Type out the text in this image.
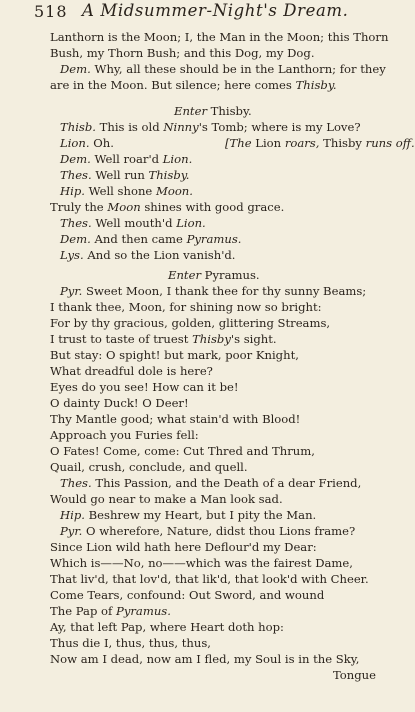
518 A Midsummer-Night's Dream.
Lanthorn is the Moon; I, the Man in the Moon; this Thorn
Bush, my Thorn Bush; and this Dog, my Dog.
Dem. Why, all these should be in the Lanthorn; for they
are in the Moon. But silence; here comes Thisby.
Enter Thisby.
Thisb. This is old Ninny's Tomb; where is my Love?
Lion. Oh.	[The Lion roars, Thisby runs off.
Dem. Well roar'd Lion.
Thes. Well run Thisby.
Hip. Well shone Moon.
Truly the Moon shines with good grace.
Thes. Well mouth'd Lion.
Dem. And then came Pyramus.
Lys. And so the Lion vanish'd.
Enter Pyramus.
Pyr. Sweet Moon, I thank thee for thy sunny Beams;
I thank thee, Moon, for shining now so bright:
For by thy gracious, golden, glittering Streams,
I trust to taste of truest Thisby's sight.
But stay: O spight! but mark, poor Knight,
What dreadful dole is here?
Eyes do you see! How can it be!
O dainty Duck! O Deer!
Thy Mantle good; what stain'd with Blood!
Approach you Furies fell:
O Fates! Come, come: Cut Thred and Thrum,
Quail, crush, conclude, and quell.
Thes. This Passion, and the Death of a dear Friend,
Would go near to make a Man look sad.
Hip. Beshrew my Heart, but I pity the Man.
Pyr. O wherefore, Nature, didst thou Lions frame?
Since Lion wild hath here Deflour'd my Dear:
Which is——No, no——which was the fairest Dame,
That liv'd, that lov'd, that lik'd, that look'd with Cheer.
Come Tears, confound: Out Sword, and wound
The Pap of Pyramus.
Ay, that left Pap, where Heart doth hop:
Thus die I, thus, thus, thus,
Now am I dead, now am I fled, my Soul is in the Sky,
Tongue
